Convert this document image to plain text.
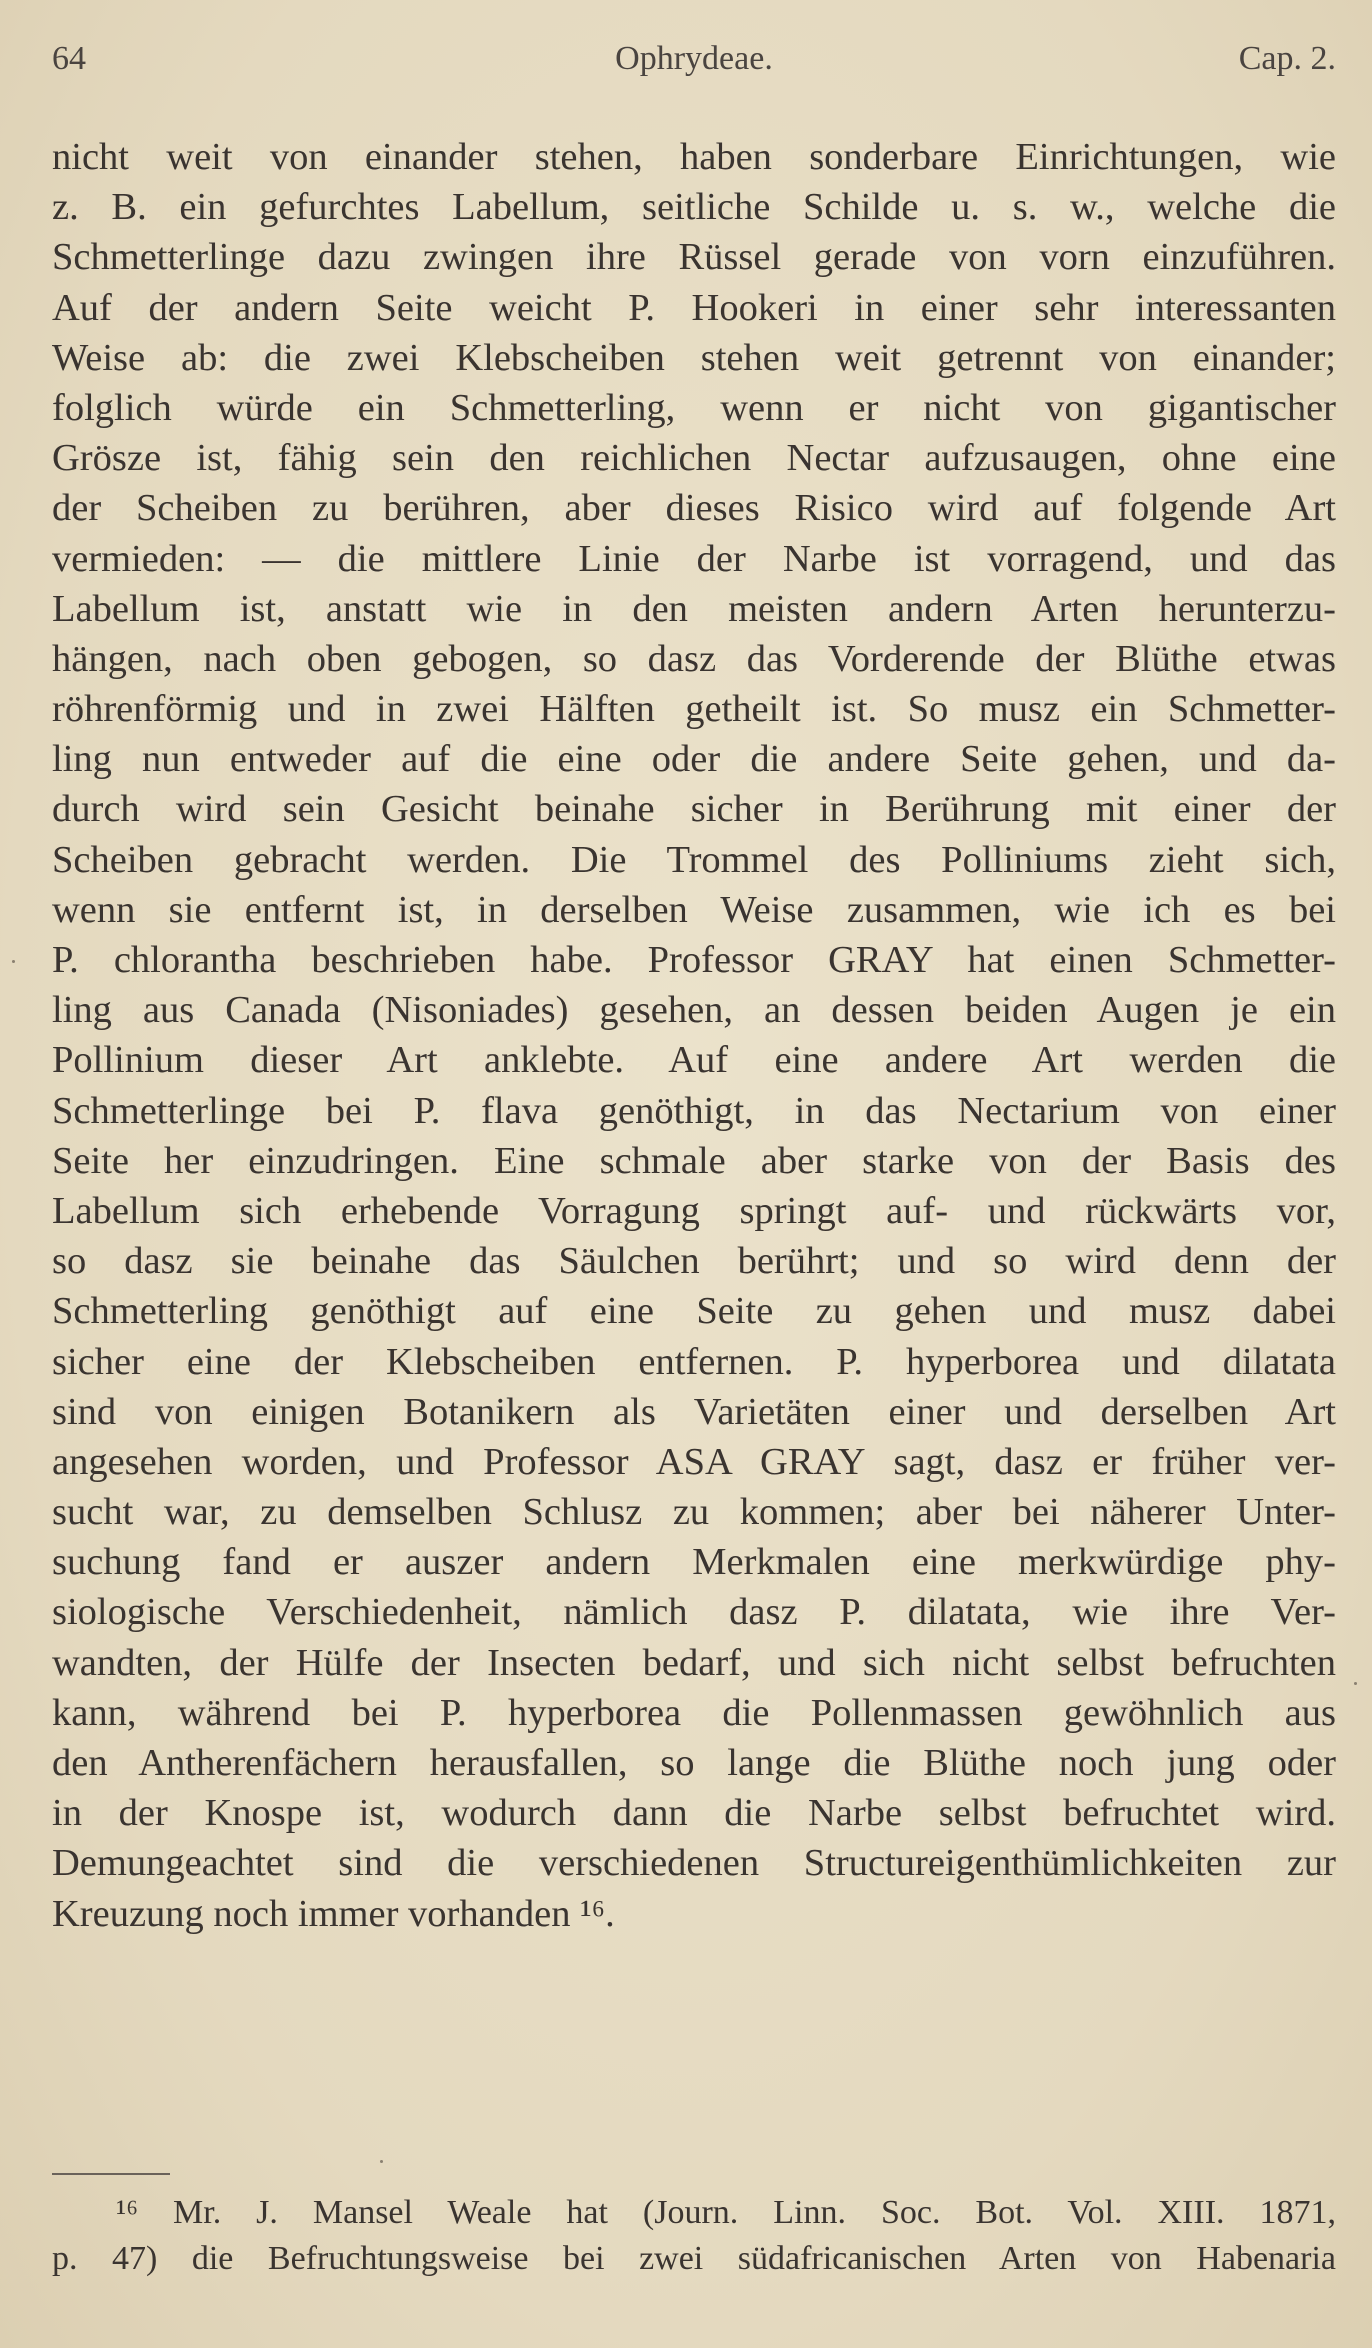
64	Ophrydeae.	Cap. 2.
nicht weit von einander stehen, haben sonderbare Einrichtungen, wie
z. B. ein gefurchtes Labellum, seitliche Schilde u. s. w., welche die
Schmetterlinge dazu zwingen ihre Rüssel gerade von vorn einzuführen.
Auf der andern Seite weicht P. Hookeri in einer sehr interessanten
Weise ab: die zwei Klebscheiben stehen weit getrennt von einander;
folglich würde ein Schmetterling, wenn er nicht von gigantischer
Grösze ist, fähig sein den reichlichen Nectar aufzusaugen, ohne eine
der Scheiben zu berühren, aber dieses Risico wird auf folgende Art
vermieden: — die mittlere Linie der Narbe ist vorragend, und das
Labellum ist, anstatt wie in den meisten andern Arten herunterzu-
hängen, nach oben gebogen, so dasz das Vorderende der Blüthe etwas
röhrenförmig und in zwei Hälften getheilt ist. So musz ein Schmetter-
ling nun entweder auf die eine oder die andere Seite gehen, und da-
durch wird sein Gesicht beinahe sicher in Berührung mit einer der
Scheiben gebracht werden. Die Trommel des Polliniums zieht sich,
wenn sie entfernt ist, in derselben Weise zusammen, wie ich es bei
P. chlorantha beschrieben habe. Professor GRAY hat einen Schmetter-
ling aus Canada (Nisoniades) gesehen, an dessen beiden Augen je ein
Pollinium dieser Art anklebte. Auf eine andere Art werden die
Schmetterlinge bei P. flava genöthigt, in das Nectarium von einer
Seite her einzudringen. Eine schmale aber starke von der Basis des
Labellum sich erhebende Vorragung springt auf- und rückwärts vor,
so dasz sie beinahe das Säulchen berührt; und so wird denn der
Schmetterling genöthigt auf eine Seite zu gehen und musz dabei
sicher eine der Klebscheiben entfernen. P. hyperborea und dilatata
sind von einigen Botanikern als Varietäten einer und derselben Art
angesehen worden, und Professor ASA GRAY sagt, dasz er früher ver-
sucht war, zu demselben Schlusz zu kommen; aber bei näherer Unter-
suchung fand er auszer andern Merkmalen eine merkwürdige phy-
siologische Verschiedenheit, nämlich dasz P. dilatata, wie ihre Ver-
wandten, der Hülfe der Insecten bedarf, und sich nicht selbst befruchten
kann, während bei P. hyperborea die Pollenmassen gewöhnlich aus
den Antherenfächern herausfallen, so lange die Blüthe noch jung oder
in der Knospe ist, wodurch dann die Narbe selbst befruchtet wird.
Demungeachtet sind die verschiedenen Structureigenthümlichkeiten zur
Kreuzung noch immer vorhanden ¹⁶.
¹⁶ Mr. J. Mansel Weale hat (Journ. Linn. Soc. Bot. Vol. XIII. 1871,
p. 47) die Befruchtungsweise bei zwei südafricanischen Arten von Habenaria
